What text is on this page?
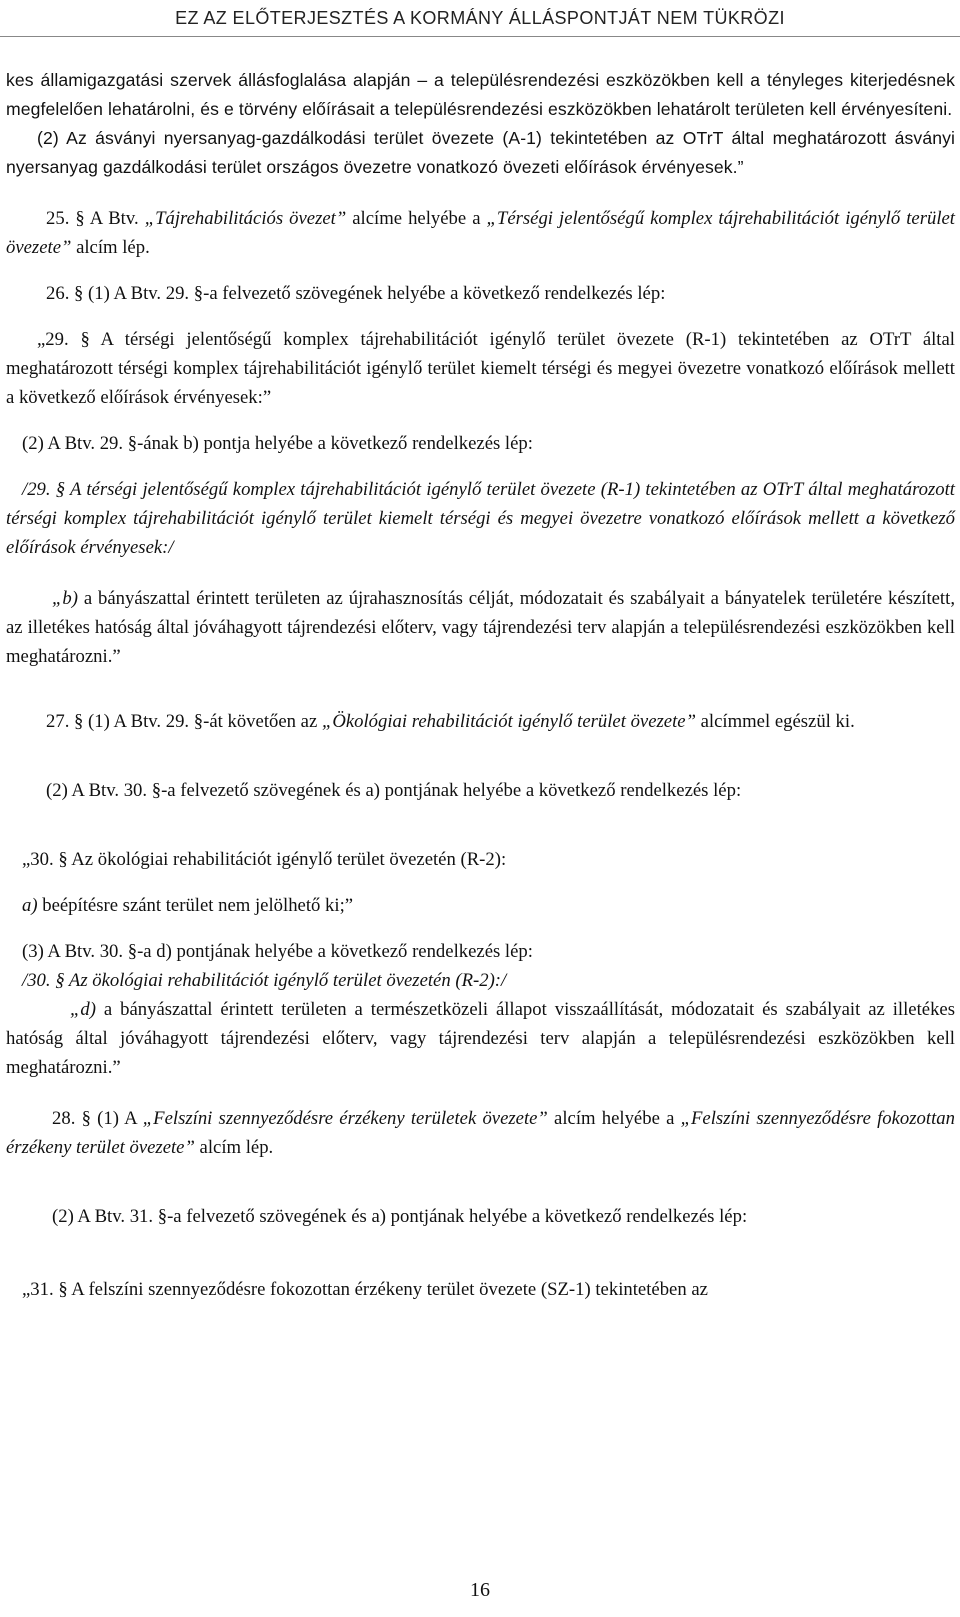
EZ AZ ELŐTERJESZTÉS A KORMÁNY ÁLLÁSPONTJÁT NEM TÜKRÖZI

kes államigazgatási szervek állásfoglalása alapján – a településrendezési eszközökben kell a tényleges kiterjedésnek megfelelően lehatárolni, és e törvény előírásait a településrendezési eszközökben lehatárolt területen kell érvényesíteni.

(2) Az ásványi nyersanyag-gazdálkodási terület övezete (A-1) tekintetében az OTrT által meghatározott ásványi nyersanyag gazdálkodási terület országos övezetre vonatkozó övezeti előírások érvényesek.”

25. § A Btv. „Tájrehabilitációs övezet” alcíme helyébe a „Térségi jelentőségű komplex tájrehabilitációt igénylő terület övezete” alcím lép.

26. § (1) A Btv. 29. §-a felvezető szövegének helyébe a következő rendelkezés lép:

„29. § A térségi jelentőségű komplex tájrehabilitációt igénylő terület övezete (R-1) tekintetében az OTrT által meghatározott térségi komplex tájrehabilitációt igénylő terület kiemelt térségi és megyei övezetre vonatkozó előírások mellett a következő előírások érvényesek:”

(2) A Btv. 29. §-ának b) pontja helyébe a következő rendelkezés lép:

/29. § A térségi jelentőségű komplex tájrehabilitációt igénylő terület övezete (R-1) tekintetében az OTrT által meghatározott térségi komplex tájrehabilitációt igénylő terület kiemelt térségi és megyei övezetre vonatkozó előírások mellett a következő előírások érvényesek:/

„b) a bányászattal érintett területen az újrahasznosítás célját, módozatait és szabályait a bányatelek területére készített, az illetékes hatóság által jóváhagyott tájrendezési előterv, vagy tájrendezési terv alapján a településrendezési eszközökben kell meghatározni.”

27. § (1) A Btv. 29. §-át követően az „Ökológiai rehabilitációt igénylő terület övezete” alcímmel egészül ki.

(2) A Btv. 30. §-a felvezető szövegének és a) pontjának helyébe a következő rendelkezés lép:

„30. § Az ökológiai rehabilitációt igénylő terület övezetén (R-2):

a) beépítésre szánt terület nem jelölhető ki;”

(3) A Btv. 30. §-a d) pontjának helyébe a következő rendelkezés lép:

/30. § Az ökológiai rehabilitációt igénylő terület övezetén (R-2):/

„d) a bányászattal érintett területen a természetközeli állapot visszaállítását, módozatait és szabályait az illetékes hatóság által jóváhagyott tájrendezési előterv, vagy tájrendezési terv alapján a településrendezési eszközökben kell meghatározni.”

28. § (1) A „Felszíni szennyeződésre érzékeny területek övezete” alcím helyébe a „Felszíni szennyeződésre fokozottan érzékeny terület övezete” alcím lép.

(2) A Btv. 31. §-a felvezető szövegének és a) pontjának helyébe a következő rendelkezés lép:

„31. § A felszíni szennyeződésre fokozottan érzékeny terület övezete (SZ-1) tekintetében az

16
